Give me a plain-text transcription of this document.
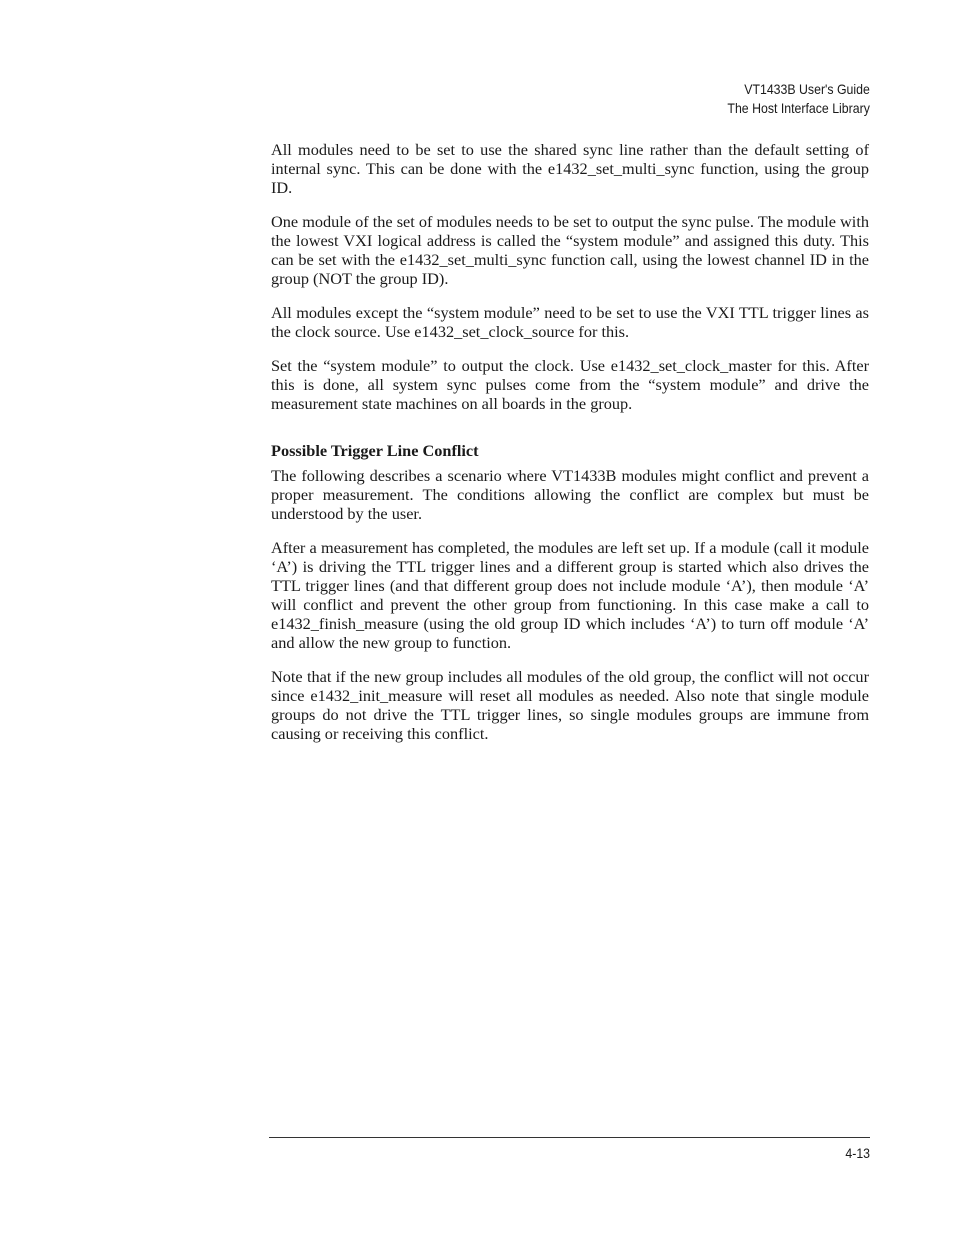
VT1433B User's Guide
The Host Interface Library

All modules need to be set to use the shared sync line rather than the default setting of internal sync. This can be done with the e1432_set_multi_sync function, using the group ID.

One module of the set of modules needs to be set to output the sync pulse. The module with the lowest VXI logical address is called the “system module” and assigned this duty. This can be set with the e1432_set_multi_sync function call, using the lowest channel ID in the group (NOT the group ID).

All modules except the “system module” need to be set to use the VXI TTL trigger lines as the clock source. Use e1432_set_clock_source for this.

Set the “system module” to output the clock. Use e1432_set_clock_master for this. After this is done, all system sync pulses come from the “system module” and drive the measurement state machines on all boards in the group.

Possible Trigger Line Conflict

The following describes a scenario where VT1433B modules might conflict and prevent a proper measurement. The conditions allowing the conflict are complex but must be understood by the user.

After a measurement has completed, the modules are left set up. If a module (call it module ‘A’) is driving the TTL trigger lines and a different group is started which also drives the TTL trigger lines (and that different group does not include module ‘A’), then module ‘A’ will conflict and prevent the other group from functioning. In this case make a call to e1432_finish_measure (using the old group ID which includes ‘A’) to turn off module ‘A’ and allow the new group to function.

Note that if the new group includes all modules of the old group, the conflict will not occur since e1432_init_measure will reset all modules as needed. Also note that single module groups do not drive the TTL trigger lines, so single modules groups are immune from causing or receiving this conflict.

4-13
